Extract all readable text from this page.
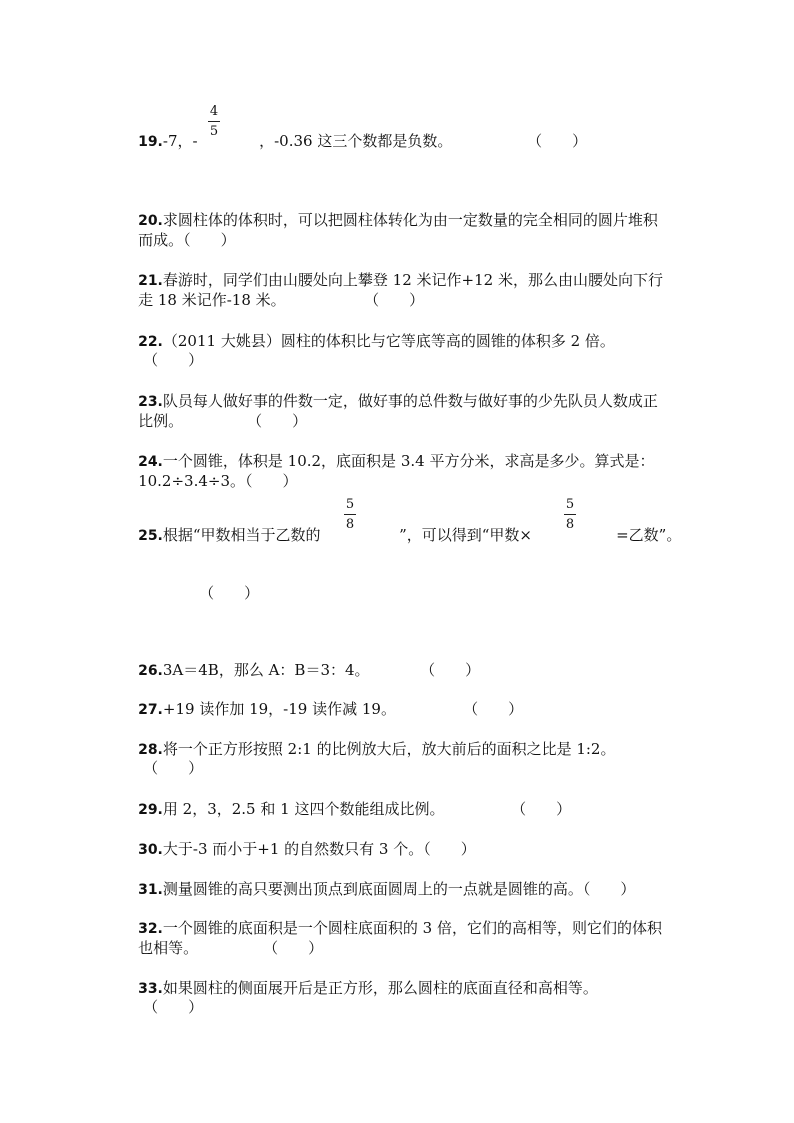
19.-7，-

4
5

，-0.36 这三个数都是负数。
	（　　）

20.求圆柱体的体积时，可以把圆柱体转化为由一定数量的完全相同的圆片堆积

而成。（　　）

21.春游时，同学们由山腰处向上攀登 12 米记作+12 米，那么由山腰处向下行

走 18 米记作-18 米。
	（　　）

22.（2011 大姚县）圆柱的体积比与它等底等高的圆锥的体积多 2 倍。

（　　）

23.队员每人做好事的件数一定，做好事的总件数与做好事的少先队员人数成正

比例。
	（　　）

24.一个圆锥，体积是 10.2，底面积是 3.4 平方分米，求高是多少。算式是：

10.2÷3.4÷3。（　　）

25.根据“甲数相当于乙数的

5
8

”，可以得到“甲数×

5
8

=乙数”。

（　　）

26.3A＝4B，那么 A：B＝3：4。
	（　　）

27.+19 读作加 19，-19 读作减 19。
	（　　）

28.将一个正方形按照 2:1 的比例放大后，放大前后的面积之比是 1:2。

（　　）

29.用 2，3，2.5 和 1 这四个数能组成比例。
	（　　）

30.大于-3 而小于+1 的自然数只有 3 个。（　　）

31.测量圆锥的高只要测出顶点到底面圆周上的一点就是圆锥的高。（　　）

32.一个圆锥的底面积是一个圆柱底面积的 3 倍，它们的高相等，则它们的体积

也相等。
	（　　）

33.如果圆柱的侧面展开后是正方形，那么圆柱的底面直径和高相等。

（　　）
